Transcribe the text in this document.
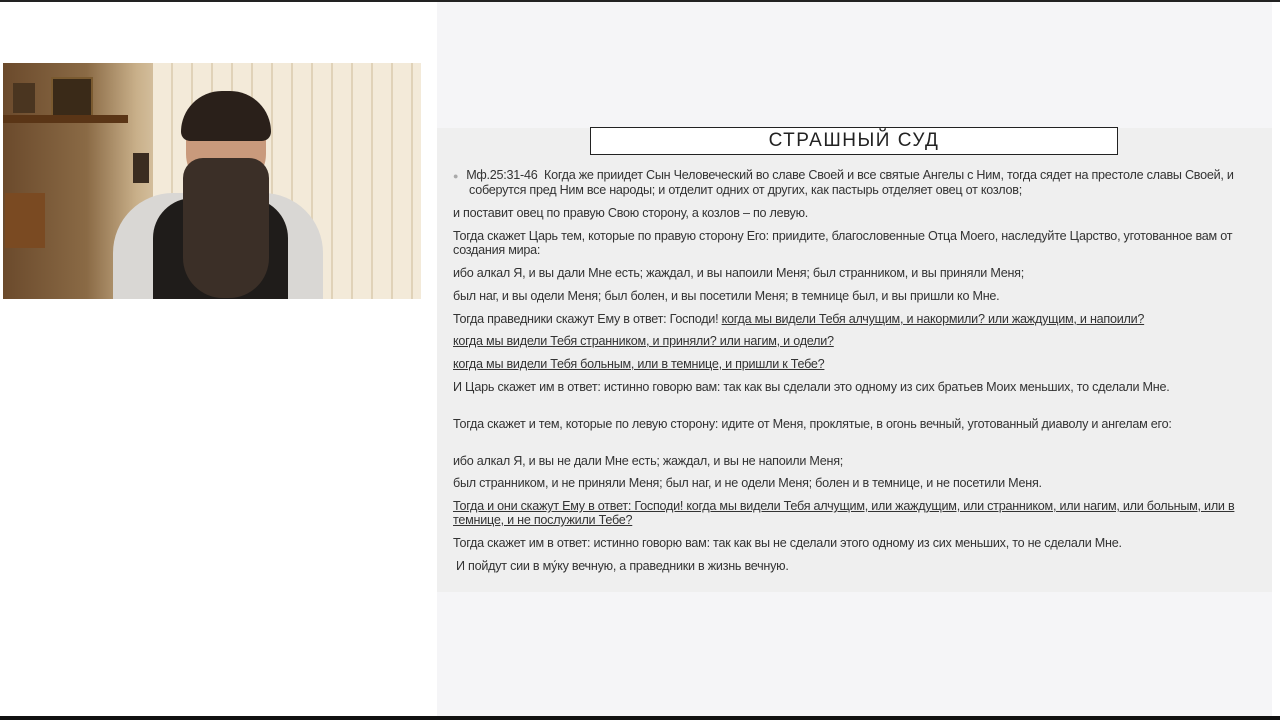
СТРАШНЫЙ СУД
● Мф.25:31-46 Когда же приидет Сын Человеческий во славе Своей и все святые Ангелы с Ним, тогда сядет на престоле славы Своей, и соберутся пред Ним все народы; и отделит одних от других, как пастырь отделяет овец от козлов;
и поставит овец по правую Свою сторону, а козлов – по левую.
Тогда скажет Царь тем, которые по правую сторону Его: приидите, благословенные Отца Моего, наследуйте Царство, уготованное вам от создания мира:
ибо алкал Я, и вы дали Мне есть; жаждал, и вы напоили Меня; был странником, и вы приняли Меня;
был наг, и вы одели Меня; был болен, и вы посетили Меня; в темнице был, и вы пришли ко Мне.
Тогда праведники скажут Ему в ответ: Господи! когда мы видели Тебя алчущим, и накормили? или жаждущим, и напоили?
когда мы видели Тебя странником, и приняли? или нагим, и одели?
когда мы видели Тебя больным, или в темнице, и пришли к Тебе?
И Царь скажет им в ответ: истинно говорю вам: так как вы сделали это одному из сих братьев Моих меньших, то сделали Мне.
Тогда скажет и тем, которые по левую сторону: идите от Меня, проклятые, в огонь вечный, уготованный диаволу и ангелам его:
ибо алкал Я, и вы не дали Мне есть; жаждал, и вы не напоили Меня;
был странником, и не приняли Меня; был наг, и не одели Меня; болен и в темнице, и не посетили Меня.
Тогда и они скажут Ему в ответ: Господи! когда мы видели Тебя алчущим, или жаждущим, или странником, или нагим, или больным, или в темнице, и не послужили Тебе?
Тогда скажет им в ответ: истинно говорю вам: так как вы не сделали этого одному из сих меньших, то не сделали Мне.
И пойдут сии в му́ку вечную, а праведники в жизнь вечную.
